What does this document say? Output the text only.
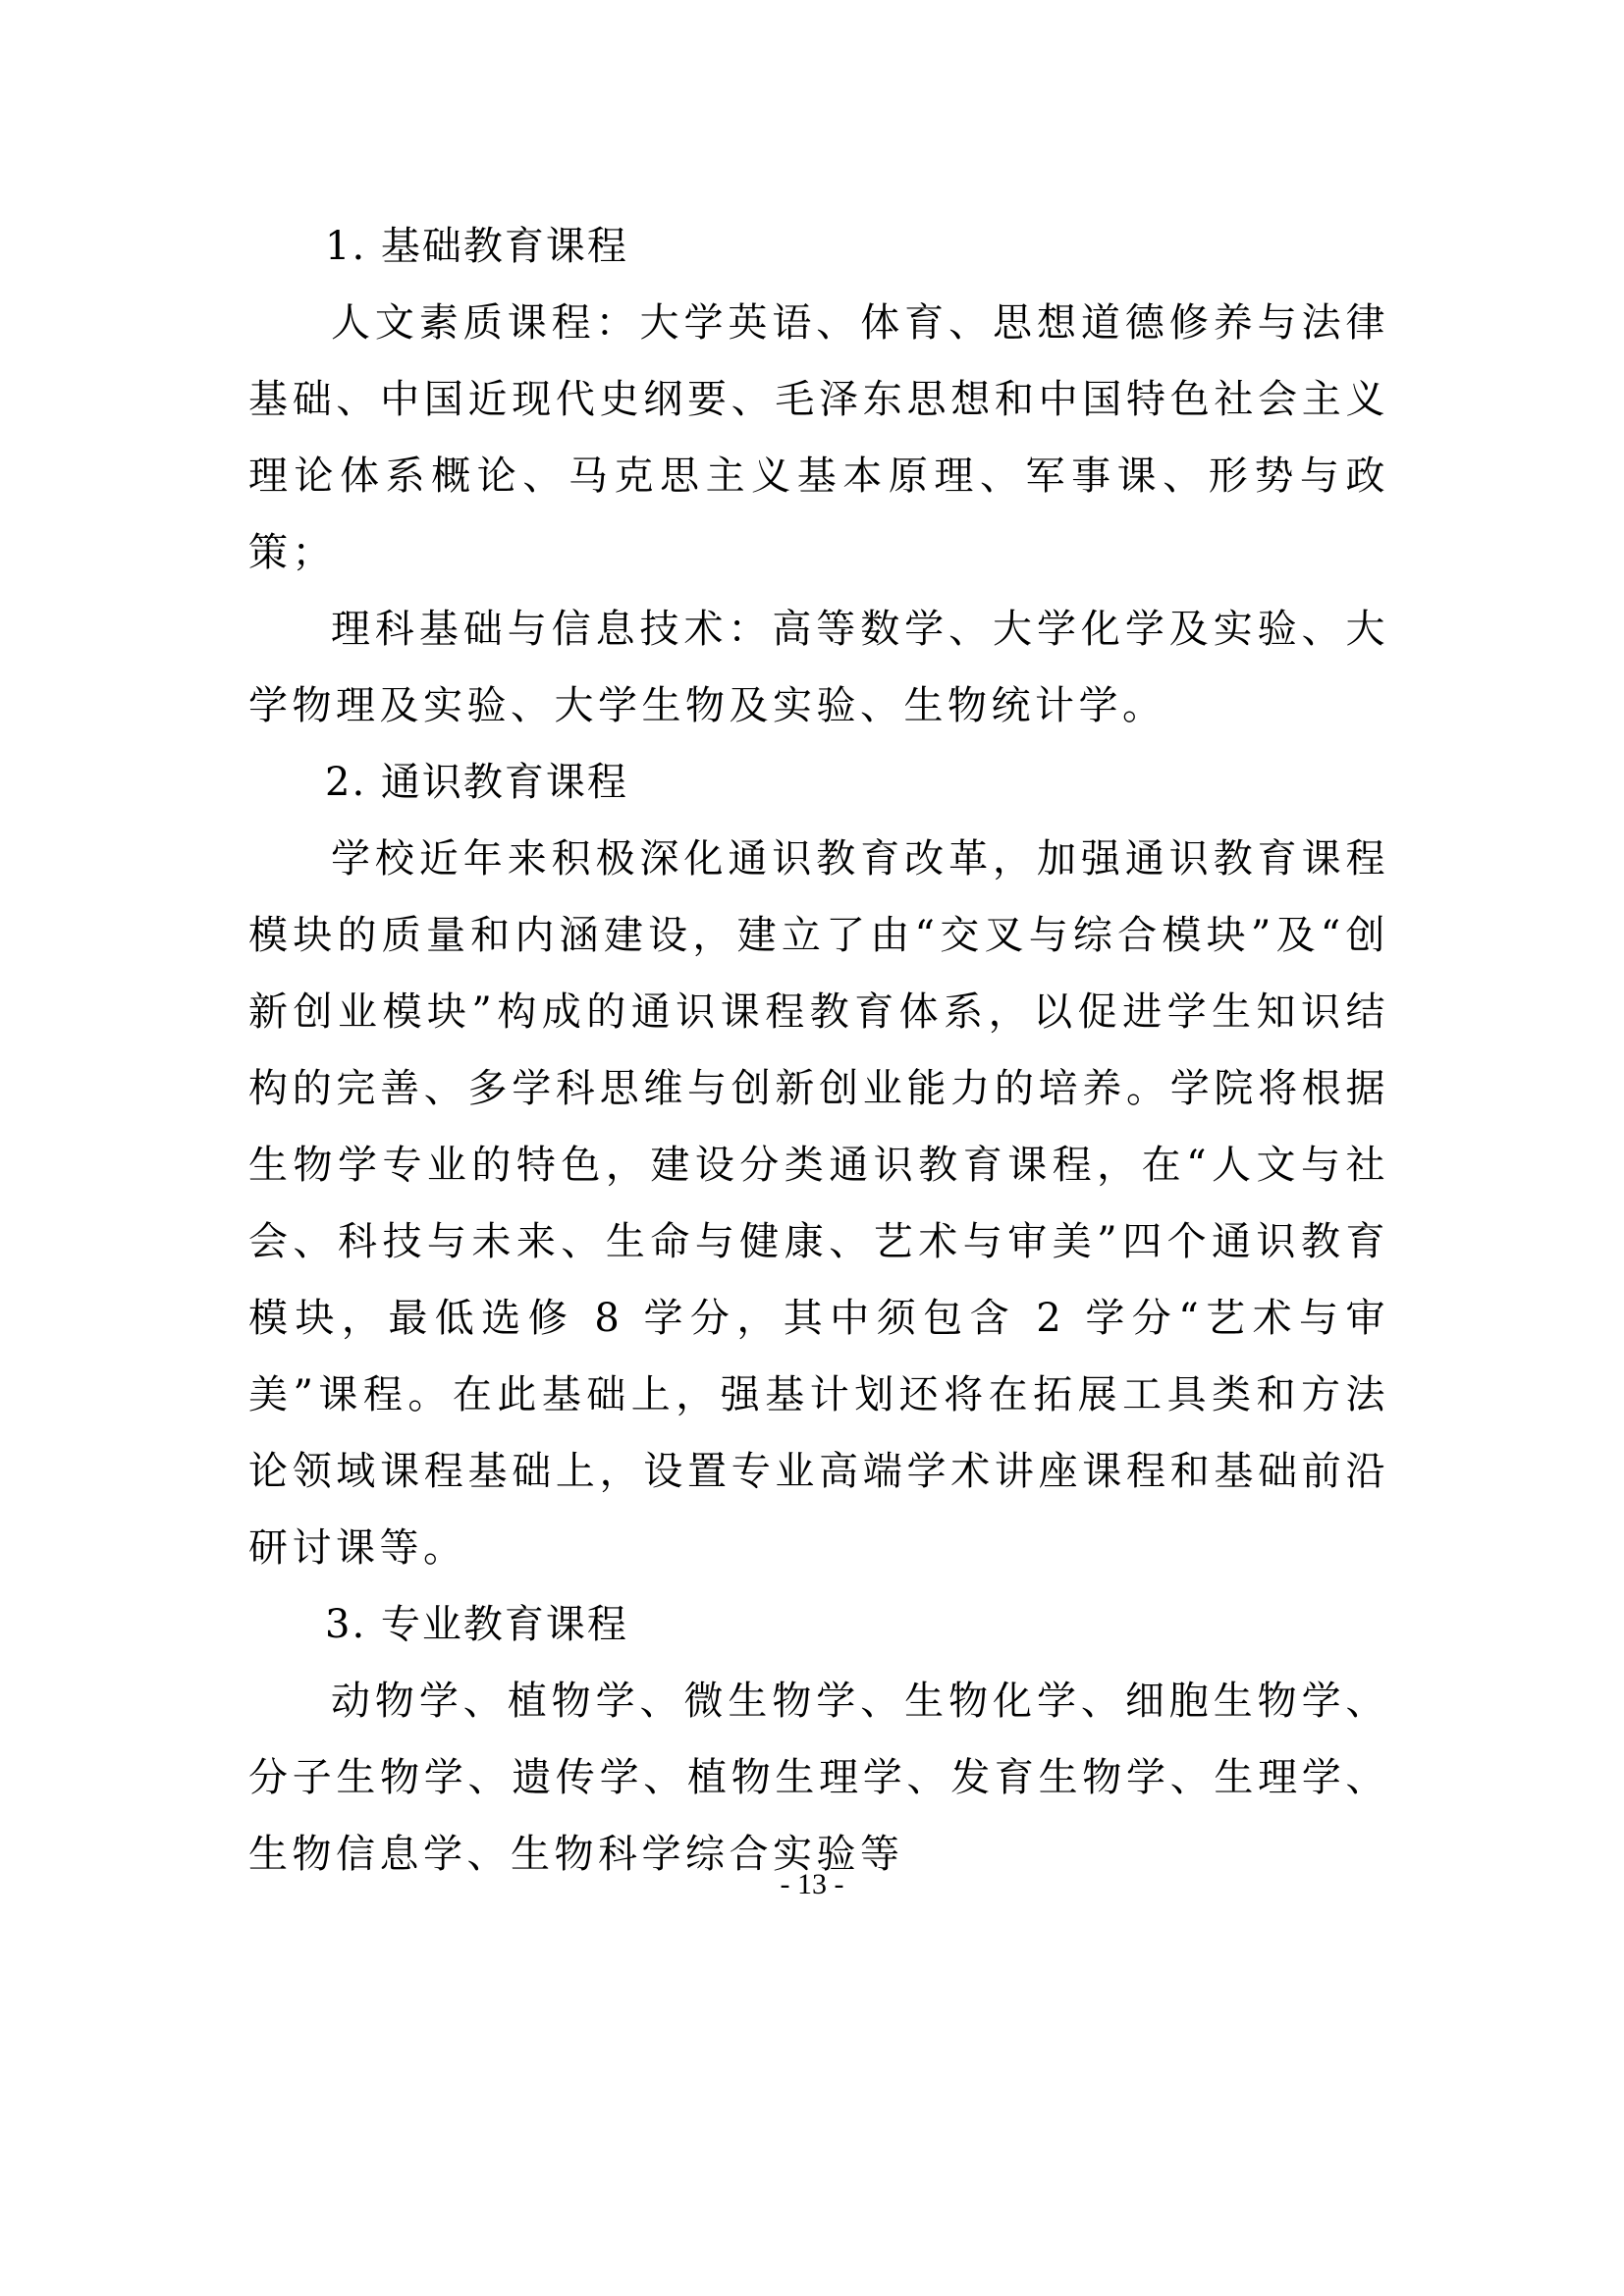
1. 基础教育课程

人文素质课程：大学英语、体育、思想道德修养与法律基础、中国近现代史纲要、毛泽东思想和中国特色社会主义理论体系概论、马克思主义基本原理、军事课、形势与政策；

理科基础与信息技术：高等数学、大学化学及实验、大学物理及实验、大学生物及实验、生物统计学。

2. 通识教育课程

学校近年来积极深化通识教育改革，加强通识教育课程模块的质量和内涵建设，建立了由“交叉与综合模块”及“创新创业模块”构成的通识课程教育体系，以促进学生知识结构的完善、多学科思维与创新创业能力的培养。学院将根据生物学专业的特色，建设分类通识教育课程，在“人文与社会、科技与未来、生命与健康、艺术与审美”四个通识教育模块，最低选修 8 学分，其中须包含 2 学分“艺术与审美”课程。在此基础上，强基计划还将在拓展工具类和方法论领域课程基础上，设置专业高端学术讲座课程和基础前沿研讨课等。

3. 专业教育课程

动物学、植物学、微生物学、生物化学、细胞生物学、分子生物学、遗传学、植物生理学、发育生物学、生理学、生物信息学、生物科学综合实验等

- 13 -
